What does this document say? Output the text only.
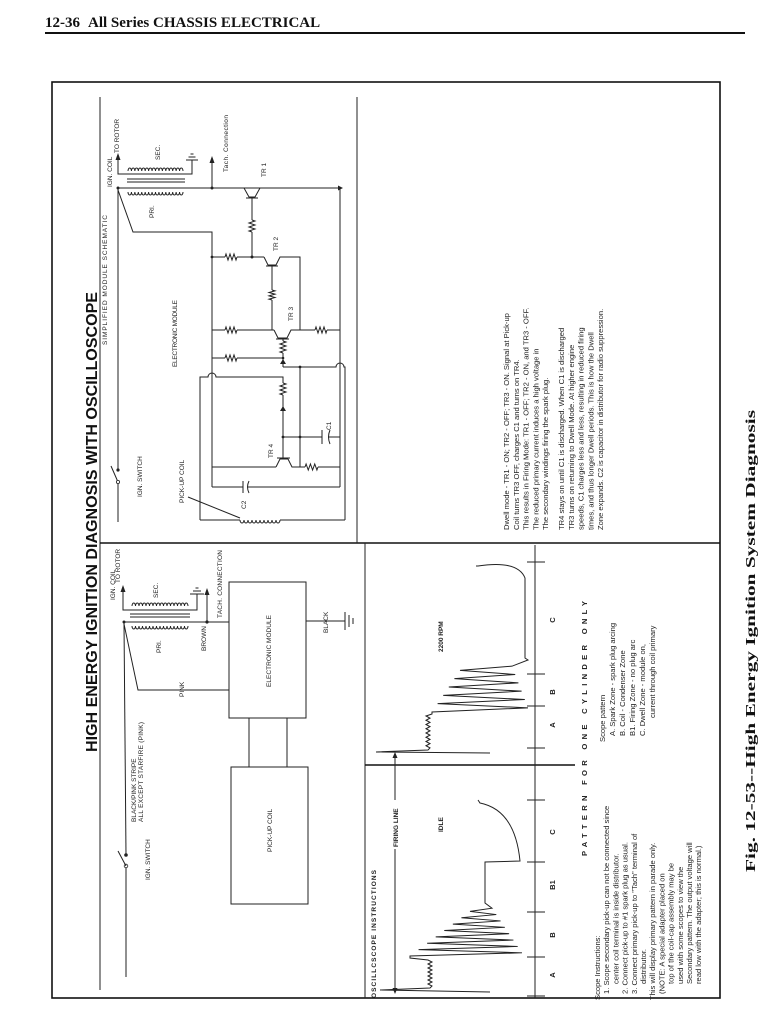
12-36 All Series CHASSIS ELECTRICAL
HIGH ENERGY IGNITION DIAGNOSIS WITH OSCILLOSCOPE	Fig. 12-53--High Energy Ignition System Diagnosis
IGN. COIL
TO ROTOR
SEC.
PRI.	BROWN
TACH. CONNECTION
PINK	ELECTRONIC MODULE	BLACK
PICK-UP COIL
BLACK/PINK STRIPE ALL EXCEPT STARFIRE (PINK)
IGN. SWITCH
SIMPLIFIED MODULE SCHEMATIC
IGN. COIL
TO ROTOR	SEC.
PRI.
Tach. Connection
TR 1
TR 2
TR 3
TR 4
C1
C2
PICK-UP COIL
ELECTRONIC MODULE
IGN. SWITCH
OSCILLCSCOPE INSTRUCTIONS
FIRING LINE	IDLE
2200 RPM
A
B
B1
C
A
B
C
PATTERN FOR ONE CYLINDER ONLY
Dwell mode - TR1 - ON; TR2 - OFF; TR3 - ON. Signal at Pick-up Coil turns TR3 OFF, charges C1 and turns on TR4. This results in Firing Mode: TR1 - OFF; TR2 - ON, and TR3 - OFF. The reduced primary current induces a high voltage in The secondary windings firing the spark plug. TR4 stays on until C1 is discharged. When C1 is discharged TR3 turns on returning to Dwell Mode. At higher engine speeds, C1 charges less and less, resulting in reduced firing times, and thus longer Dwell periods. This is how the Dwell Zone expands. C2 is capacitor in distributor for radio suppression.
Scope pattern A. Spark Zone - spark plug arcing B. Coil - Condenser Zone B1. Firing Zone - no plug arc C. Dwell Zone - module on, current through coil primary
Scope Instructions: 1. Scope secondary pick-up can not be connected since center coil terminal is inside distributor. 2. Connect pick-up to #1 spark plug as usual. 3. Connect primary pick-up to "Tach" terminal of distributor. This will display primary pattern in parade only. (NOTE: A special adapter placed on top of the coil-cap assembly may be used with some scopes to view the Secondary pattern. The output voltage will read low with the adapter; this is normal.)
